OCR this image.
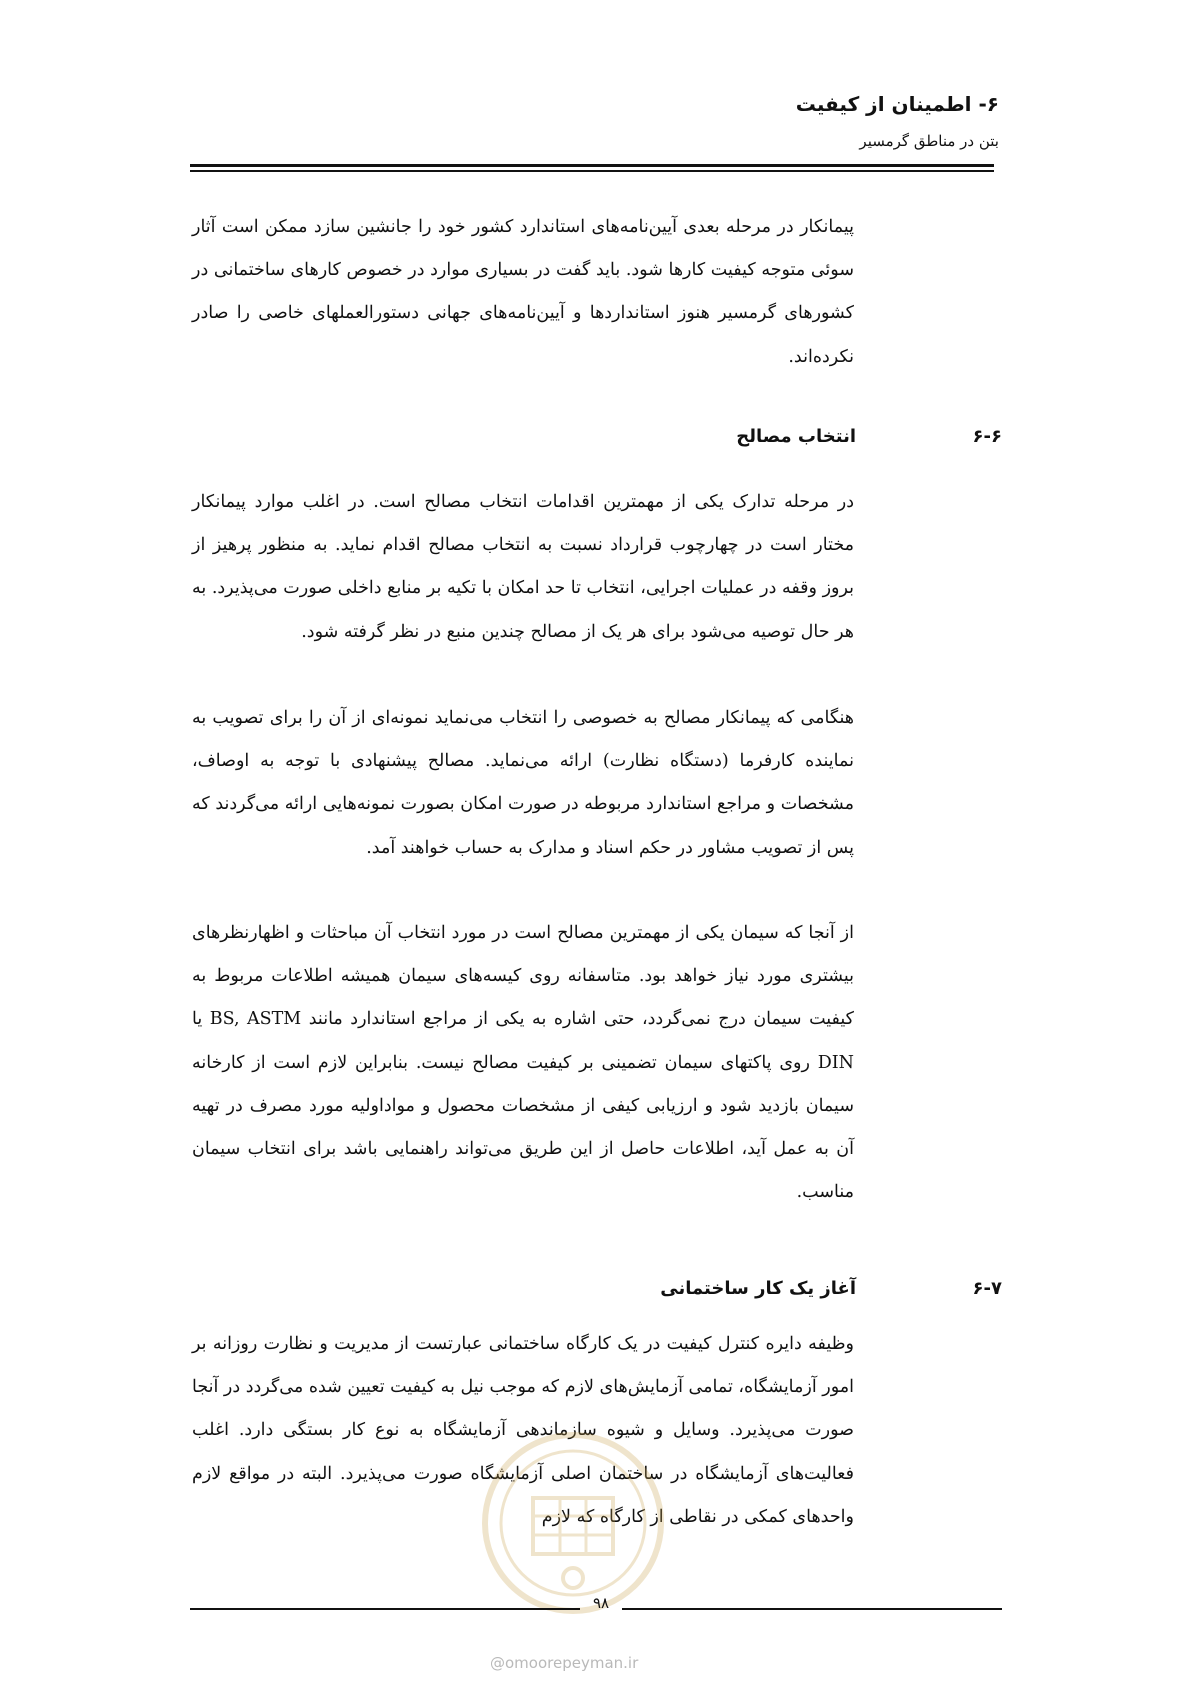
۶- اطمینان از کیفیت
بتن در مناطق گرمسیر

پیمانکار در مرحله بعدی آیین‌نامه‌های استاندارد کشور خود را جانشین سازد ممکن است آثار سوئی متوجه کیفیت کارها شود. باید گفت در بسیاری موارد در خصوص کارهای ساختمانی در کشورهای گرمسیر هنوز استانداردها و آیین‌نامه‌های جهانی دستورالعملهای خاصی را صادر نکرده‌اند.

۶-۶
انتخاب مصالح

در مرحله تدارک یکی از مهمترین اقدامات انتخاب مصالح است. در اغلب موارد پیمانکار مختار است در چهارچوب قرارداد نسبت به انتخاب مصالح اقدام نماید. به منظور پرهیز از بروز وقفه در عملیات اجرایی، انتخاب تا حد امکان با تکیه بر منابع داخلی صورت می‌پذیرد. به هر حال توصیه می‌شود برای هر یک از مصالح چندین منبع در نظر گرفته شود.

هنگامی که پیمانکار مصالح به خصوصی را انتخاب می‌نماید نمونه‌ای از آن را برای تصویب به نماینده کارفرما (دستگاه نظارت) ارائه می‌نماید. مصالح پیشنهادی با توجه به اوصاف، مشخصات و مراجع استاندارد مربوطه در صورت امکان بصورت نمونه‌هایی ارائه می‌گردند که پس از تصویب مشاور در حکم اسناد و مدارک به حساب خواهند آمد.

از آنجا که سیمان یکی از مهمترین مصالح است در مورد انتخاب آن مباحثات و اظهارنظرهای بیشتری مورد نیاز خواهد بود. متاسفانه روی کیسه‌های سیمان همیشه اطلاعات مربوط به کیفیت سیمان درج نمی‌گردد، حتی اشاره به یکی از مراجع استاندارد مانند BS, ASTM یا DIN روی پاکتهای سیمان تضمینی بر کیفیت مصالح نیست. بنابراین لازم است از کارخانه سیمان بازدید شود و ارزیابی کیفی از مشخصات محصول و مواداولیه مورد مصرف در تهیه آن به عمل آید، اطلاعات حاصل از این طریق می‌تواند راهنمایی باشد برای انتخاب سیمان مناسب.

۶-۷
آغاز یک کار ساختمانی

وظیفه دایره کنترل کیفیت در یک کارگاه ساختمانی عبارتست از مدیریت و نظارت روزانه بر امور آزمایشگاه، تمامی آزمایش‌های لازم که موجب نیل به کیفیت تعیین شده می‌گردد در آنجا صورت می‌پذیرد. وسایل و شیوه سازماندهی آزمایشگاه به نوع کار بستگی دارد. اغلب فعالیت‌های آزمایشگاه در ساختمان اصلی آزمایشگاه صورت می‌پذیرد. البته در مواقع لازم واحدهای کمکی در نقاطی از کارگاه که لازم

۹۸
@omoorepeyman.ir
